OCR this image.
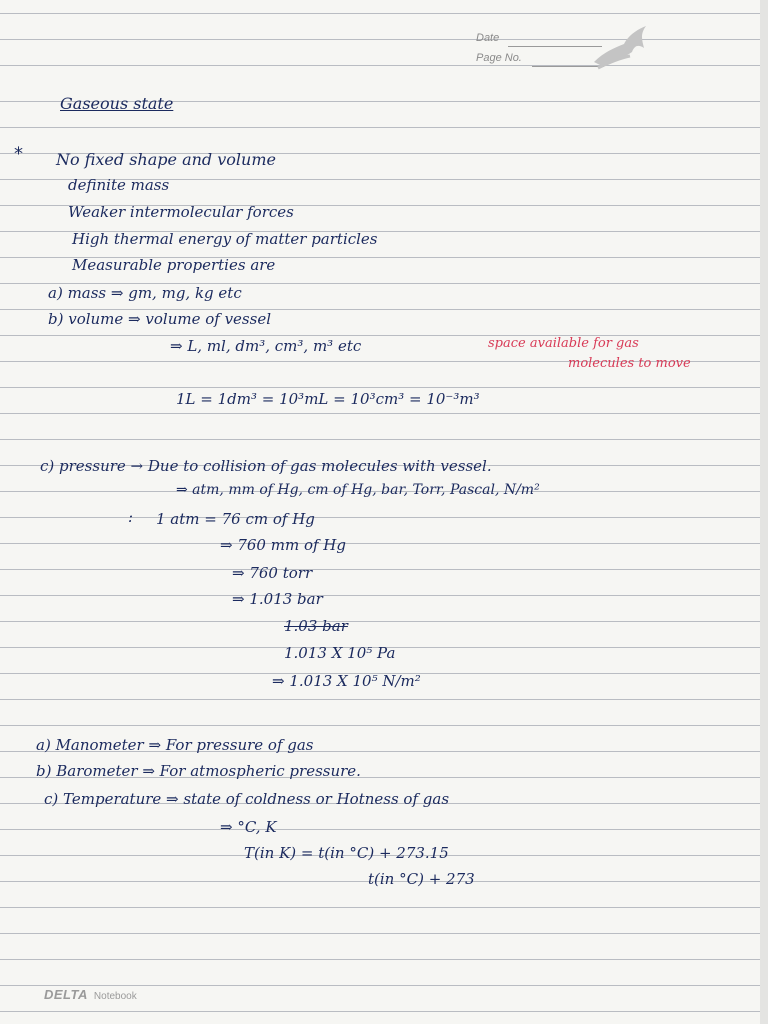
Date
Page No.
Gaseous state
⁎
No fixed shape and volume
definite mass
Weaker intermolecular forces
High thermal energy of matter particles
Measurable properties are
a) mass ⇒ gm, mg, kg etc
b) volume ⇒ volume of vessel
⇒ L, ml, dm³, cm³, m³ etc	space available for gas
molecules to move
1L = 1dm³ = 10³mL = 10³cm³ = 10⁻³m³
c) pressure → Due to collision of gas molecules with vessel.
⇒ atm, mm of Hg, cm of Hg, bar, Torr, Pascal, N/m²
: 1 atm = 76 cm of Hg
⇒ 760 mm of Hg
⇒ 760 torr
⇒ 1.013 bar
1.03 bar
1.013 X 10⁵ Pa
⇒ 1.013 X 10⁵ N/m²
a) Manometer ⇒ For pressure of gas
b) Barometer ⇒ For atmospheric pressure.
c) Temperature ⇒ state of coldness or Hotness of gas
⇒ °C, K
T(in K) = t(in °C) + 273.15
t(in °C) + 273
DELTA Notebook
